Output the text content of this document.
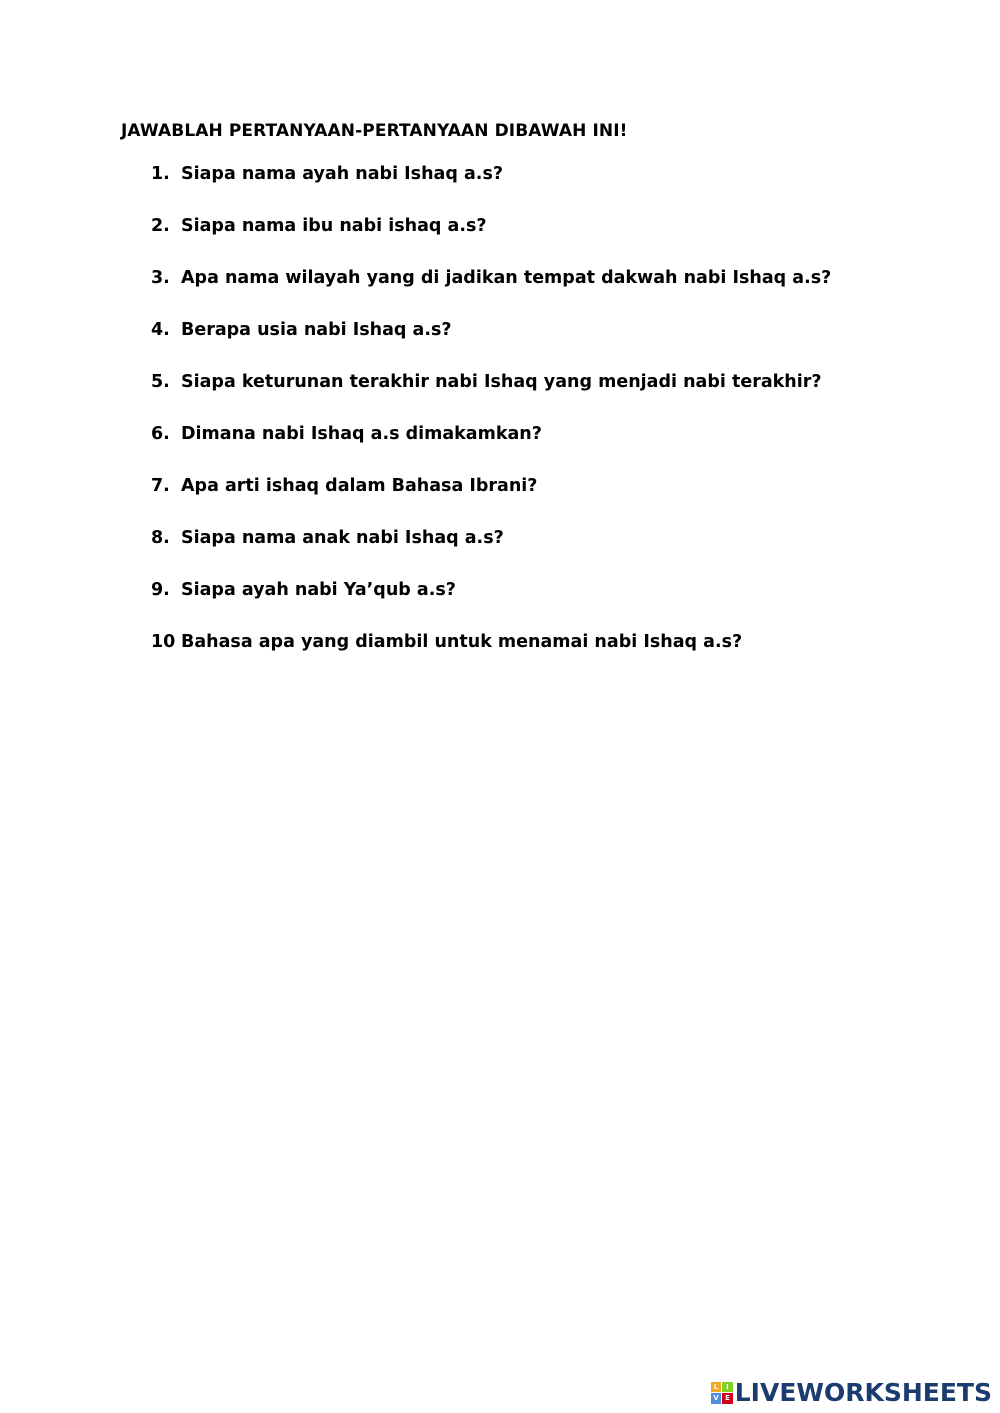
JAWABLAH PERTANYAAN-PERTANYAAN DIBAWAH INI!
1. Siapa nama ayah nabi Ishaq a.s?
2. Siapa nama ibu nabi ishaq a.s?
3. Apa nama wilayah yang di jadikan tempat dakwah nabi Ishaq a.s?
4. Berapa usia nabi Ishaq a.s?
5. Siapa keturunan terakhir nabi Ishaq yang menjadi nabi terakhir?
6. Dimana nabi Ishaq a.s dimakamkan?
7. Apa arti ishaq dalam Bahasa Ibrani?
8. Siapa nama anak nabi Ishaq a.s?
9. Siapa ayah nabi Ya’qub a.s?
10 Bahasa apa yang diambil untuk menamai nabi Ishaq a.s?
L	I
V E LIVEWORKSHEETS
